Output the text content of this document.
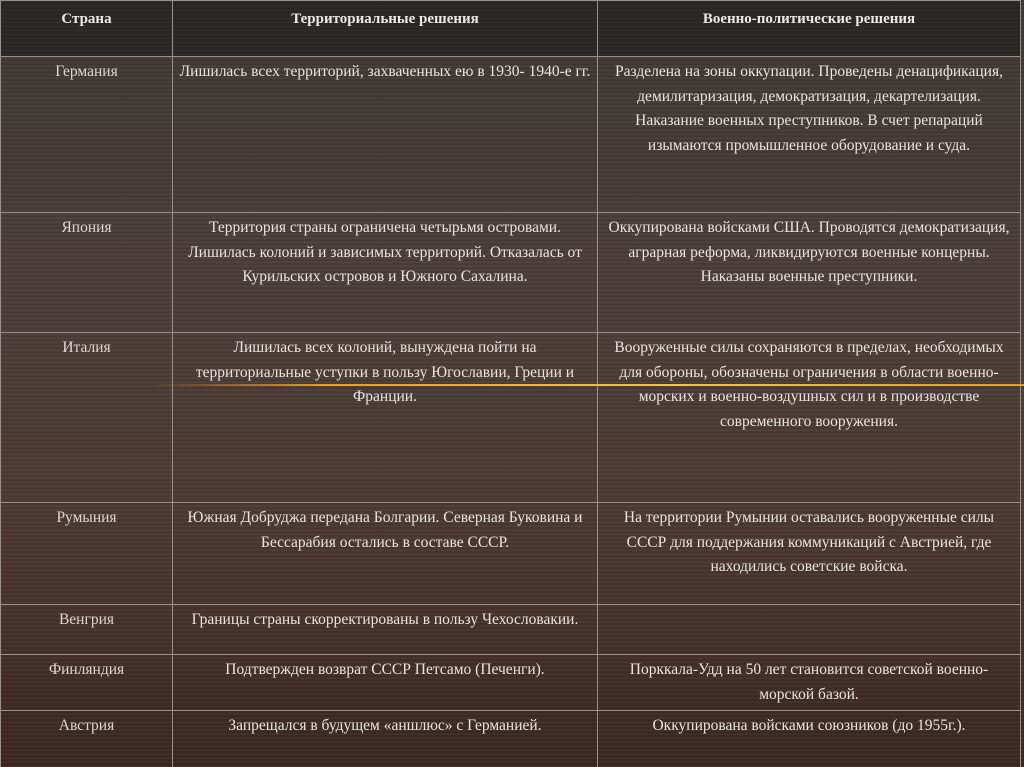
Страна	Территориальные решения	Военно-политические решения
Германия	Лишилась всех территорий, захваченных ею в 1930- 1940-е гг.	Разделена на зоны оккупации. Проведены денацификация, демилитаризация, демократизация, декартелизация. Наказание военных преступников. В счет репараций изымаются промышленное оборудование и суда.
Япония	Территория страны ограничена четырьмя островами. Лишилась колоний и зависимых территорий. Отказалась от Курильских островов и Южного Сахалина.	Оккупирована войсками США. Проводятся демократизация, аграрная реформа, ликвидируются военные концерны. Наказаны военные преступники.
Италия	Лишилась всех колоний, вынуждена пойти на территориальные уступки в пользу Югославии, Греции и Франции.	Вооруженные силы сохраняются в пределах, необходимых для обороны, обозначены ограничения в области военно-морских и военно-воздушных сил и в производстве современного вооружения.
Румыния	Южная Добруджа передана Болгарии. Северная Буковина и Бессарабия остались в составе СССР.	На территории Румынии оставались вооруженные силы СССР для поддержания коммуникаций с Австрией, где находились советские войска.
Венгрия	Границы страны скорректированы в пользу Чехословакии.	
Финляндия	Подтвержден возврат СССР Петсамо (Печенги).	Порккала-Удд на 50 лет становится советской военно-морской базой.
Австрия	Запрещался в будущем «аншлюс» с Германией.	Оккупирована войсками союзников (до 1955г.).
